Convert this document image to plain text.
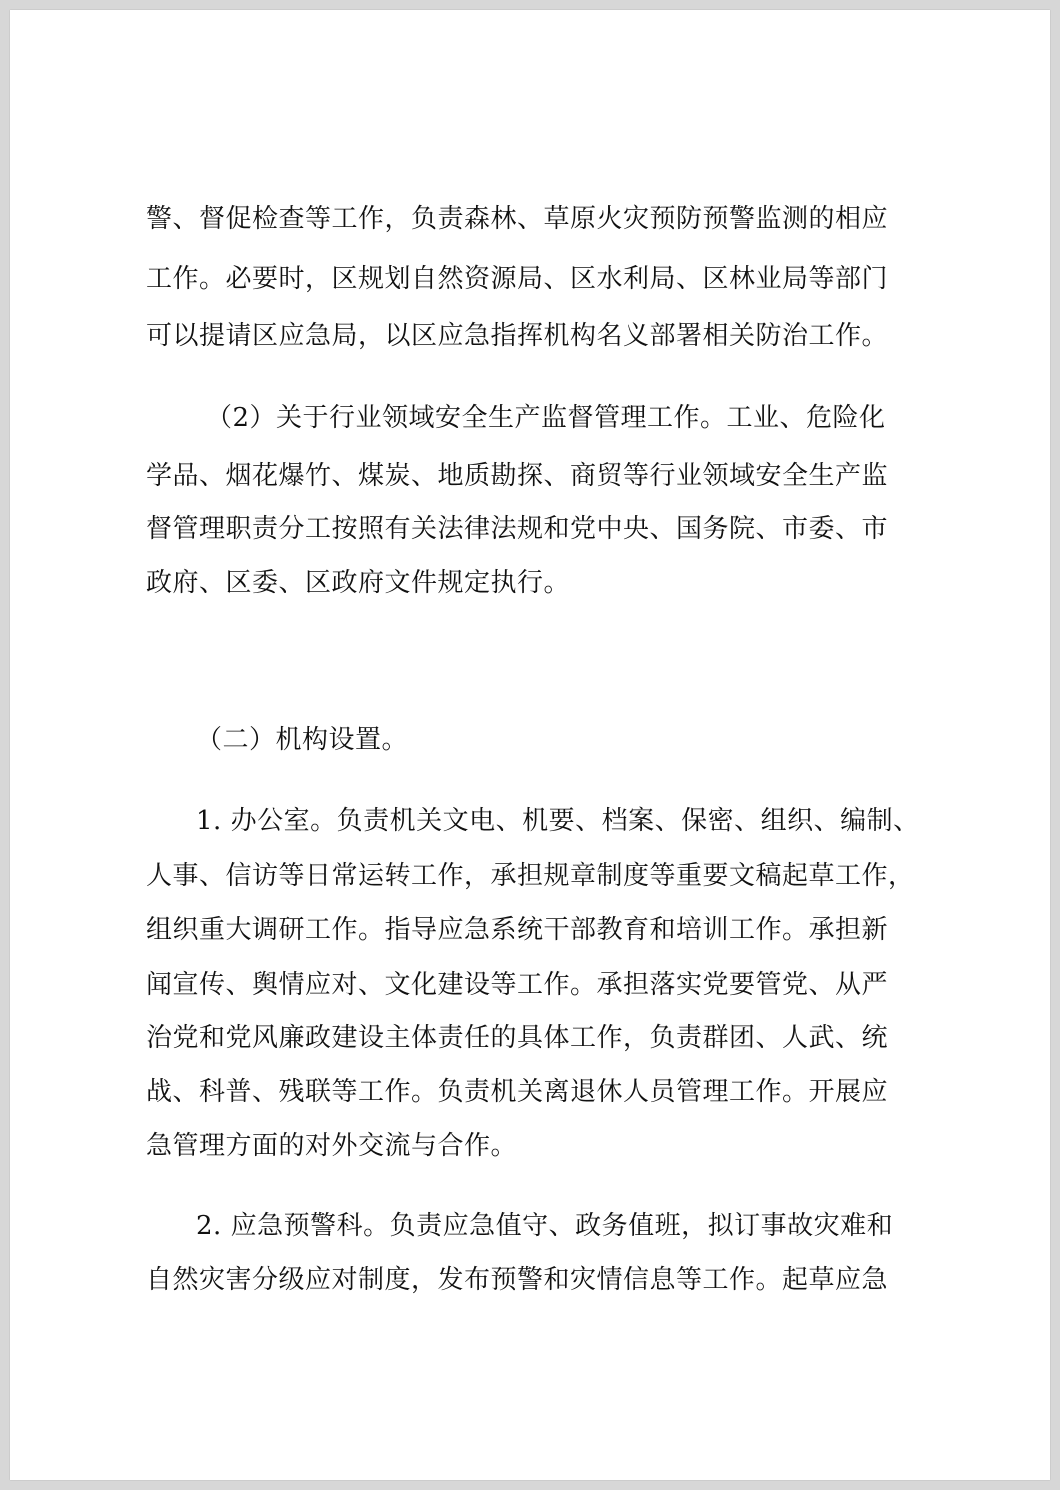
警、督促检查等工作，负责森林、草原火灾预防预警监测的相应
工作。必要时，区规划自然资源局、区水利局、区林业局等部门
可以提请区应急局，以区应急指挥机构名义部署相关防治工作。
（2）关于行业领域安全生产监督管理工作。工业、危险化
学品、烟花爆竹、煤炭、地质勘探、商贸等行业领域安全生产监
督管理职责分工按照有关法律法规和党中央、国务院、市委、市
政府、区委、区政府文件规定执行。
（二）机构设置。
1. 办公室。负责机关文电、机要、档案、保密、组织、编制、
人事、信访等日常运转工作，承担规章制度等重要文稿起草工作，
组织重大调研工作。指导应急系统干部教育和培训工作。承担新
闻宣传、舆情应对、文化建设等工作。承担落实党要管党、从严
治党和党风廉政建设主体责任的具体工作，负责群团、人武、统
战、科普、残联等工作。负责机关离退休人员管理工作。开展应
急管理方面的对外交流与合作。
2. 应急预警科。负责应急值守、政务值班，拟订事故灾难和
自然灾害分级应对制度，发布预警和灾情信息等工作。起草应急
